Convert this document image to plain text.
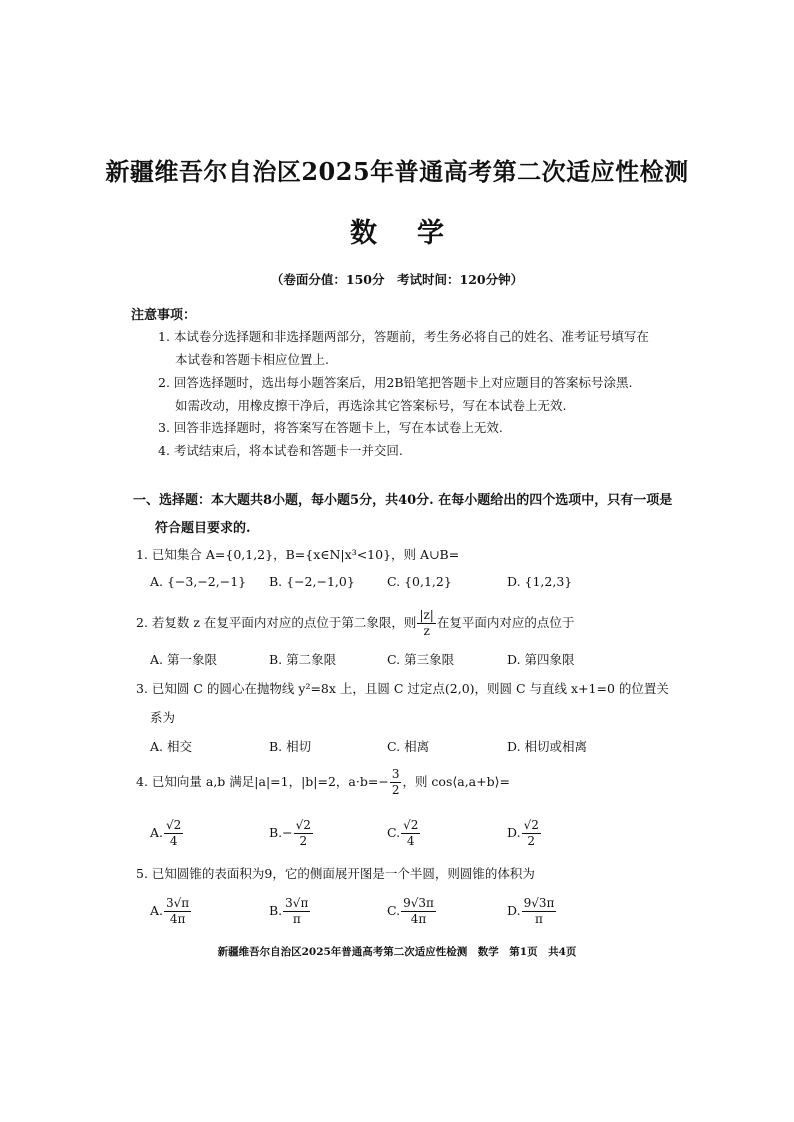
新疆维吾尔自治区2025年普通高考第二次适应性检测
数 学
（卷面分值：150分　考试时间：120分钟）
注意事项：
1. 本试卷分选择题和非选择题两部分，答题前，考生务必将自己的姓名、准考证号填写在
本试卷和答题卡相应位置上.
2. 回答选择题时，选出每小题答案后，用2B铅笔把答题卡上对应题目的答案标号涂黑.
如需改动，用橡皮擦干净后，再选涂其它答案标号，写在本试卷上无效.
3. 回答非选择题时，将答案写在答题卡上，写在本试卷上无效.
4. 考试结束后，将本试卷和答题卡一并交回.
一、选择题：本大题共8小题，每小题5分，共40分. 在每小题给出的四个选项中，只有一项是
符合题目要求的.
1. 已知集合 A={0,1,2}，B={x∈N|x³<10}，则 A∪B=
A. {−3,−2,−1} B. {−2,−1,0}	C. {0,1,2}	D. {1,2,3}
2. 若复数 z 在复平面内对应的点位于第二象限，则 $\frac{|z|}{z}$ 在复平面内对应的点位于
A. 第一象限	B. 第二象限	C. 第三象限	D. 第四象限
3. 已知圆 C 的圆心在抛物线 y²=8x 上，且圆 C 过定点(2,0)，则圆 C 与直线 x+1=0 的位置关
系为
A. 相交	B. 相切	C. 相离	D. 相切或相离
4. 已知向量 a,b 满足|a|=1，|b|=2，$a\cdot b=- \frac{3}{2}$ ，则 cos⟨a,a+b⟩=
A. $\frac{√2}{4}$	$B.- \frac{√2}{2}$	C. $\frac{√2}{4}$	D. $\frac{√2}{2}$
5. 已知圆锥的表面积为9，它的侧面展开图是一个半圆，则圆锥的体积为
A. $\frac{3√\pi}{4\pi}$	B. $\frac{3√\pi}{\pi}$	C. $\frac{9√3\pi}{4\pi}$	D. $\frac{9√3\pi}{\pi}$
新疆维吾尔自治区2025年普通高考第二次适应性检测　数学　第1页　共4页
